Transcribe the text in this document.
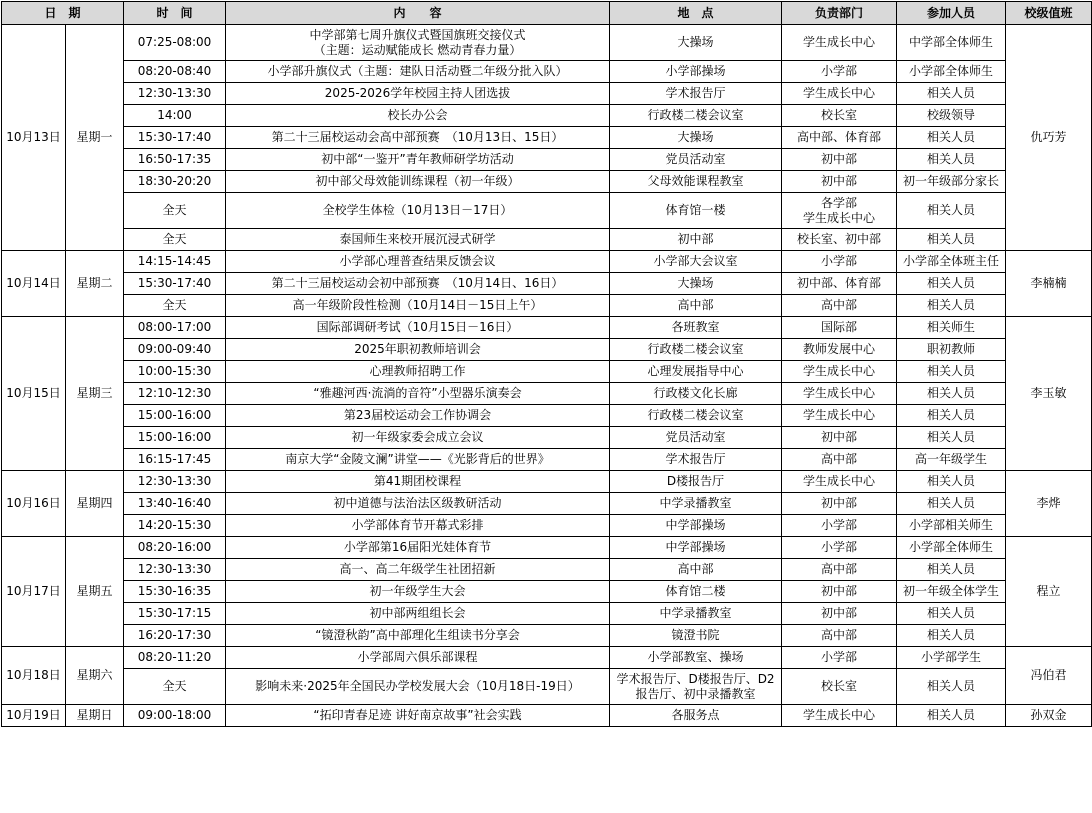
日　期		时　间	内　　容	地　点	负责部门	参加人员	校级值班
10月13日	星期一	07:25-08:00	中学部第七周升旗仪式暨国旗班交接仪式
（主题：运动赋能成长 燃动青春力量）	大操场	学生成长中心	中学部全体师生	仇巧芳
		08:20-08:40	小学部升旗仪式（主题：建队日活动暨二年级分批入队）	小学部操场	小学部	小学部全体师生	
		12:30-13:30	2025-2026学年校园主持人团选拔	学术报告厅	学生成长中心	相关人员	
		14:00	校长办公会	行政楼二楼会议室	校长室	校级领导	
		15:30-17:40	第二十三届校运动会高中部预赛　（10月13日、15日）	大操场	高中部、体育部	相关人员	
		16:50-17:35	初中部“一鉴开”青年教师研学坊活动	党员活动室	初中部	相关人员	
		18:30-20:20	初中部父母效能训练课程（初一年级）	父母效能课程教室	初中部	初一年级部分家长	
		全天	全校学生体检（10月13日－17日）	体育馆一楼	各学部
学生成长中心	相关人员	
		全天	泰国师生来校开展沉浸式研学	初中部	校长室、初中部	相关人员	
10月14日	星期二	14:15-14:45	小学部心理普查结果反馈会议	小学部大会议室	小学部	小学部全体班主任	李楠楠
		15:30-17:40	第二十三届校运动会初中部预赛　（10月14日、16日）	大操场	初中部、体育部	相关人员	
		全天	高一年级阶段性检测（10月14日－15日上午）	高中部	高中部	相关人员	
10月15日	星期三	08:00-17:00	国际部调研考试（10月15日－16日）	各班教室	国际部	相关师生	李玉敏
		09:00-09:40	2025年职初教师培训会	行政楼二楼会议室	教师发展中心	职初教师	
		10:00-15:30	心理教师招聘工作	心理发展指导中心	学生成长中心	相关人员	
		12:10-12:30	“雅趣河西·流淌的音符”小型器乐演奏会	行政楼文化长廊	学生成长中心	相关人员	
		15:00-16:00	第23届校运动会工作协调会	行政楼二楼会议室	学生成长中心	相关人员	
		15:00-16:00	初一年级家委会成立会议	党员活动室	初中部	相关人员	
		16:15-17:45	南京大学“金陵文澜”讲堂——《光影背后的世界》	学术报告厅	高中部	高一年级学生	
10月16日	星期四	12:30-13:30	第41期团校课程	D楼报告厅	学生成长中心	相关人员	李烨
		13:40-16:40	初中道德与法治法区级教研活动	中学录播教室	初中部	相关人员	
		14:20-15:30	小学部体育节开幕式彩排	中学部操场	小学部	小学部相关师生	
10月17日	星期五	08:20-16:00	小学部第16届阳光娃体育节	中学部操场	小学部	小学部全体师生	程立
		12:30-13:30	高一、高二年级学生社团招新	高中部	高中部	相关人员	
		15:30-16:35	初一年级学生大会	体育馆二楼	初中部	初一年级全体学生	
		15:30-17:15	初中部两组组长会	中学录播教室	初中部	相关人员	
		16:20-17:30	“镜澄秋韵”高中部理化生组读书分享会	镜澄书院	高中部	相关人员	
10月18日	星期六	08:20-11:20	小学部周六俱乐部课程	小学部教室、操场	小学部	小学部学生	冯伯君
		全天	影响未来·2025年全国民办学校发展大会（10月18日-19日）	学术报告厅、D楼报告厅、D2
报告厅、初中录播教室	校长室	相关人员	
10月19日	星期日	09:00-18:00	“拓印青春足迹 讲好南京故事”社会实践	各服务点	学生成长中心	相关人员	孙双金
